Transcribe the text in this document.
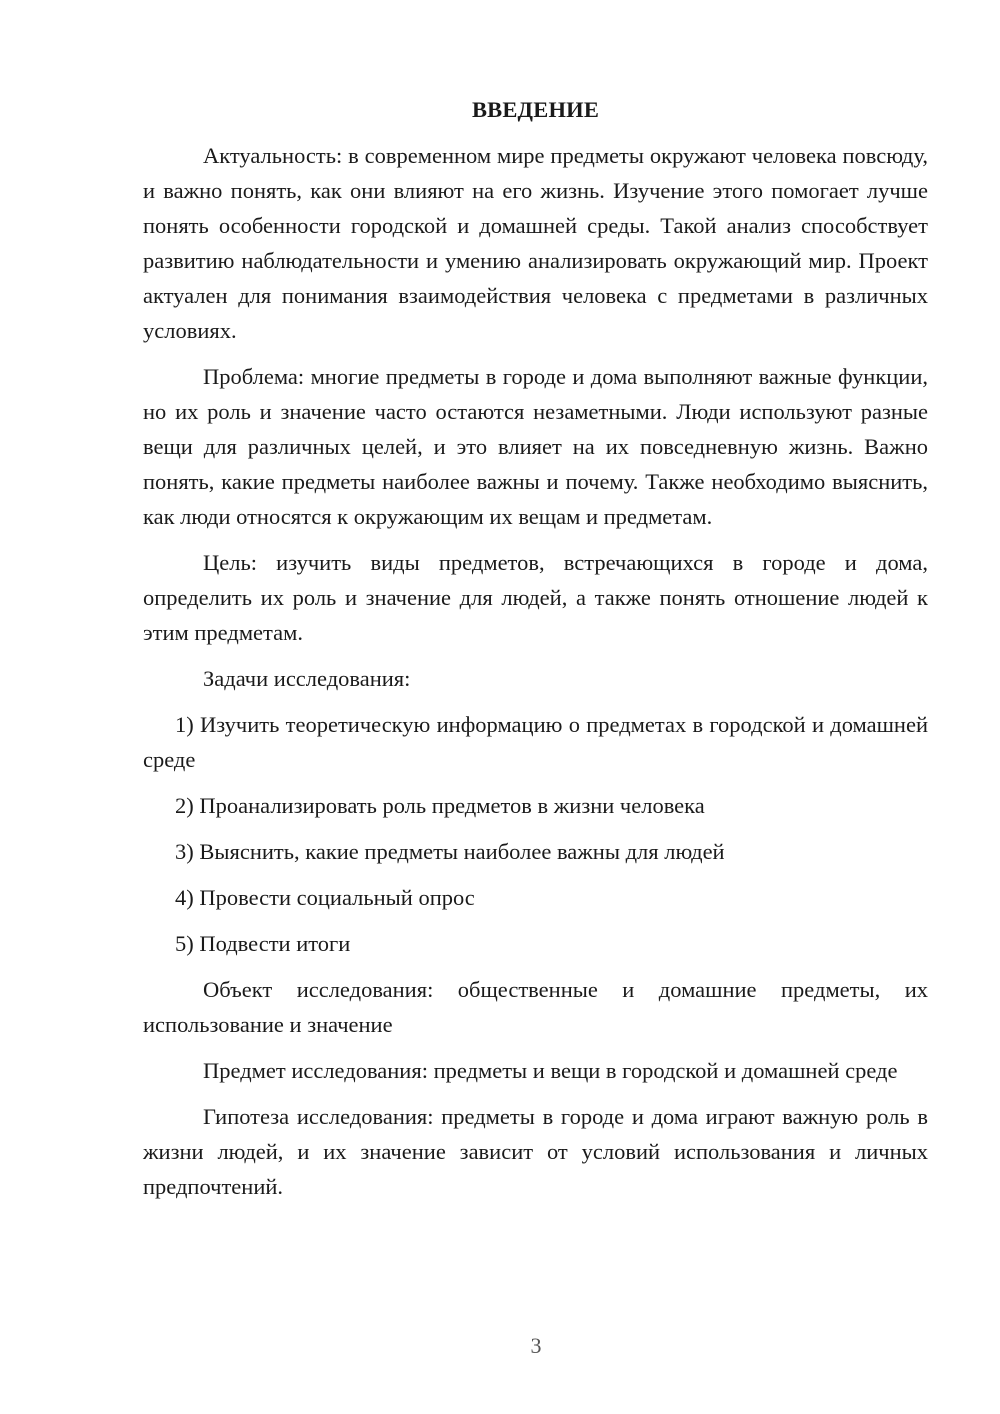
ВВЕДЕНИЕ

Актуальность: в современном мире предметы окружают человека повсюду, и важно понять, как они влияют на его жизнь. Изучение этого помогает лучше понять особенности городской и домашней среды. Такой анализ способствует развитию наблюдательности и умению анализировать окружающий мир. Проект актуален для понимания взаимодействия человека с предметами в различных условиях.

Проблема: многие предметы в городе и дома выполняют важные функции, но их роль и значение часто остаются незаметными. Люди используют разные вещи для различных целей, и это влияет на их повседневную жизнь. Важно понять, какие предметы наиболее важны и почему. Также необходимо выяснить, как люди относятся к окружающим их вещам и предметам.

Цель: изучить виды предметов, встречающихся в городе и дома, определить их роль и значение для людей, а также понять отношение людей к этим предметам.

Задачи исследования:

1) Изучить теоретическую информацию о предметах в городской и домашней среде

2) Проанализировать роль предметов в жизни человека

3) Выяснить, какие предметы наиболее важны для людей

4) Провести социальный опрос

5) Подвести итоги

Объект исследования: общественные и домашние предметы, их использование и значение

Предмет исследования: предметы и вещи в городской и домашней среде

Гипотеза исследования: предметы в городе и дома играют важную роль в жизни людей, и их значение зависит от условий использования и личных предпочтений.

3
